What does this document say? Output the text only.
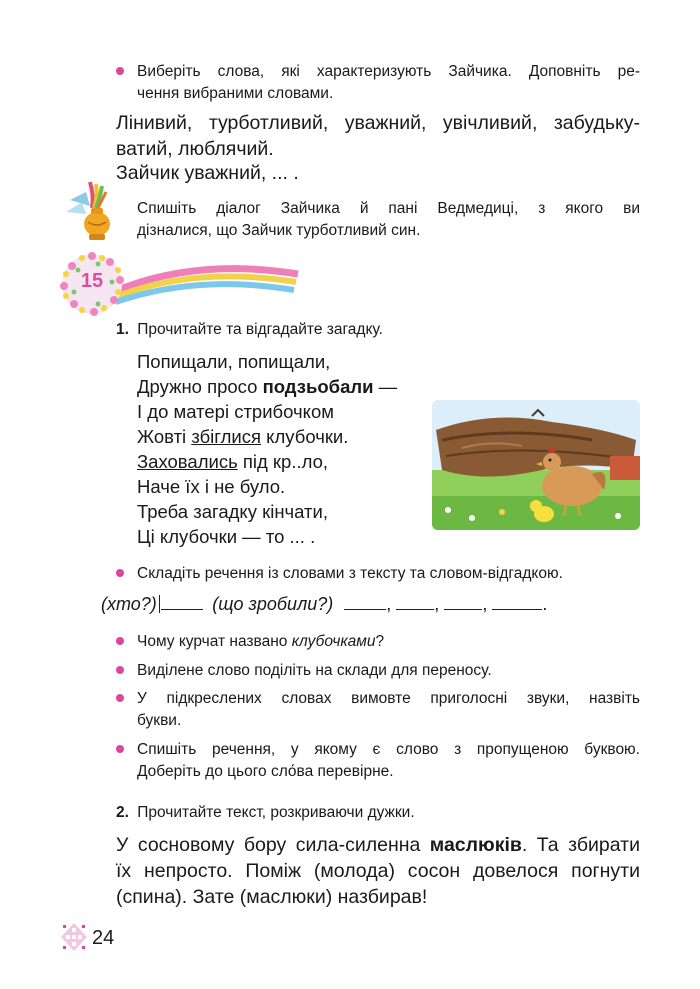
Виберіть слова, які характеризують Зайчика. Доповніть ре-
чення вибраними словами.
Лінивий, турботливий, уважний, увічливий, забудьку-
ватий, люблячий.
Зайчик уважний, ... .
Спишіть діалог Зайчика й пані Ведмедиці, з якого ви
дізналися, що Зайчик турботливий син.
15
1. Прочитайте та відгадайте загадку.
Попищали, попищали,
Дружно просо подзьобали —
І до матері стрибочком
Жовті збіглися клубочки.
Заховались під кр..ло,
Наче їх і не було.
Треба загадку кінчати,
Ці клубочки — то ... .
Складіть речення із словами з тексту та словом-відгадкою.
(хто?)	(що зробили?)	, , ,	.
Чому курчат названо клубочками?
Виділене слово поділіть на склади для переносу.
У підкреслених словах вимовте приголосні звуки, назвіть
букви.
Спишіть речення, у якому є слово з пропущеною буквою.
Доберіть до цього сло́ва перевірне.
2. Прочитайте текст, розкриваючи дужки.
У сосновому бору сила-силенна маслюків. Та збирати
їх непросто. Поміж (молода) сосон довелося погнути
(спина). Зате (маслюки) назбирав!
24
